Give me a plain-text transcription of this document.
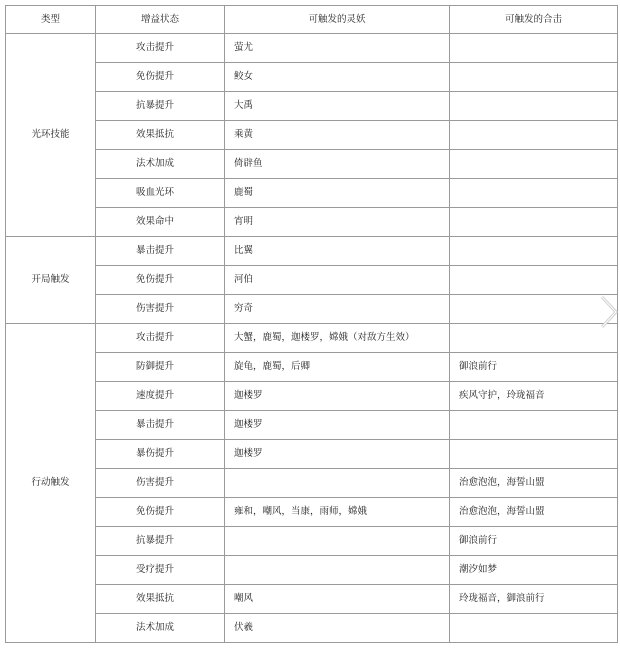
类型	增益状态	可触发的灵妖	可触发的合击
光环技能	攻击提升	萤尤	
	免伤提升	鲛女	
	抗暴提升	大禹	
	效果抵抗	乘黄	
	法术加成	倚辟鱼	
	吸血光环	鹿蜀	
	效果命中	宵明	
开局触发	暴击提升	比翼	
	免伤提升	河伯	
	伤害提升	穷奇	
行动触发	攻击提升	大蟹，鹿蜀，迦楼罗，嫦娥（对敌方生效）	
	防御提升	旋龟，鹿蜀，后卿	御浪前行
	速度提升	迦楼罗	疾风守护，玲珑福音
	暴击提升	迦楼罗	
	暴伤提升	迦楼罗	
	伤害提升		治愈泡泡，海誓山盟
	免伤提升	雍和，嘲风，当康，雨师，嫦娥	治愈泡泡，海誓山盟
	抗暴提升		御浪前行
	受疗提升		潮汐如梦
	效果抵抗	嘲风	玲珑福音，御浪前行
	法术加成	伏羲	
